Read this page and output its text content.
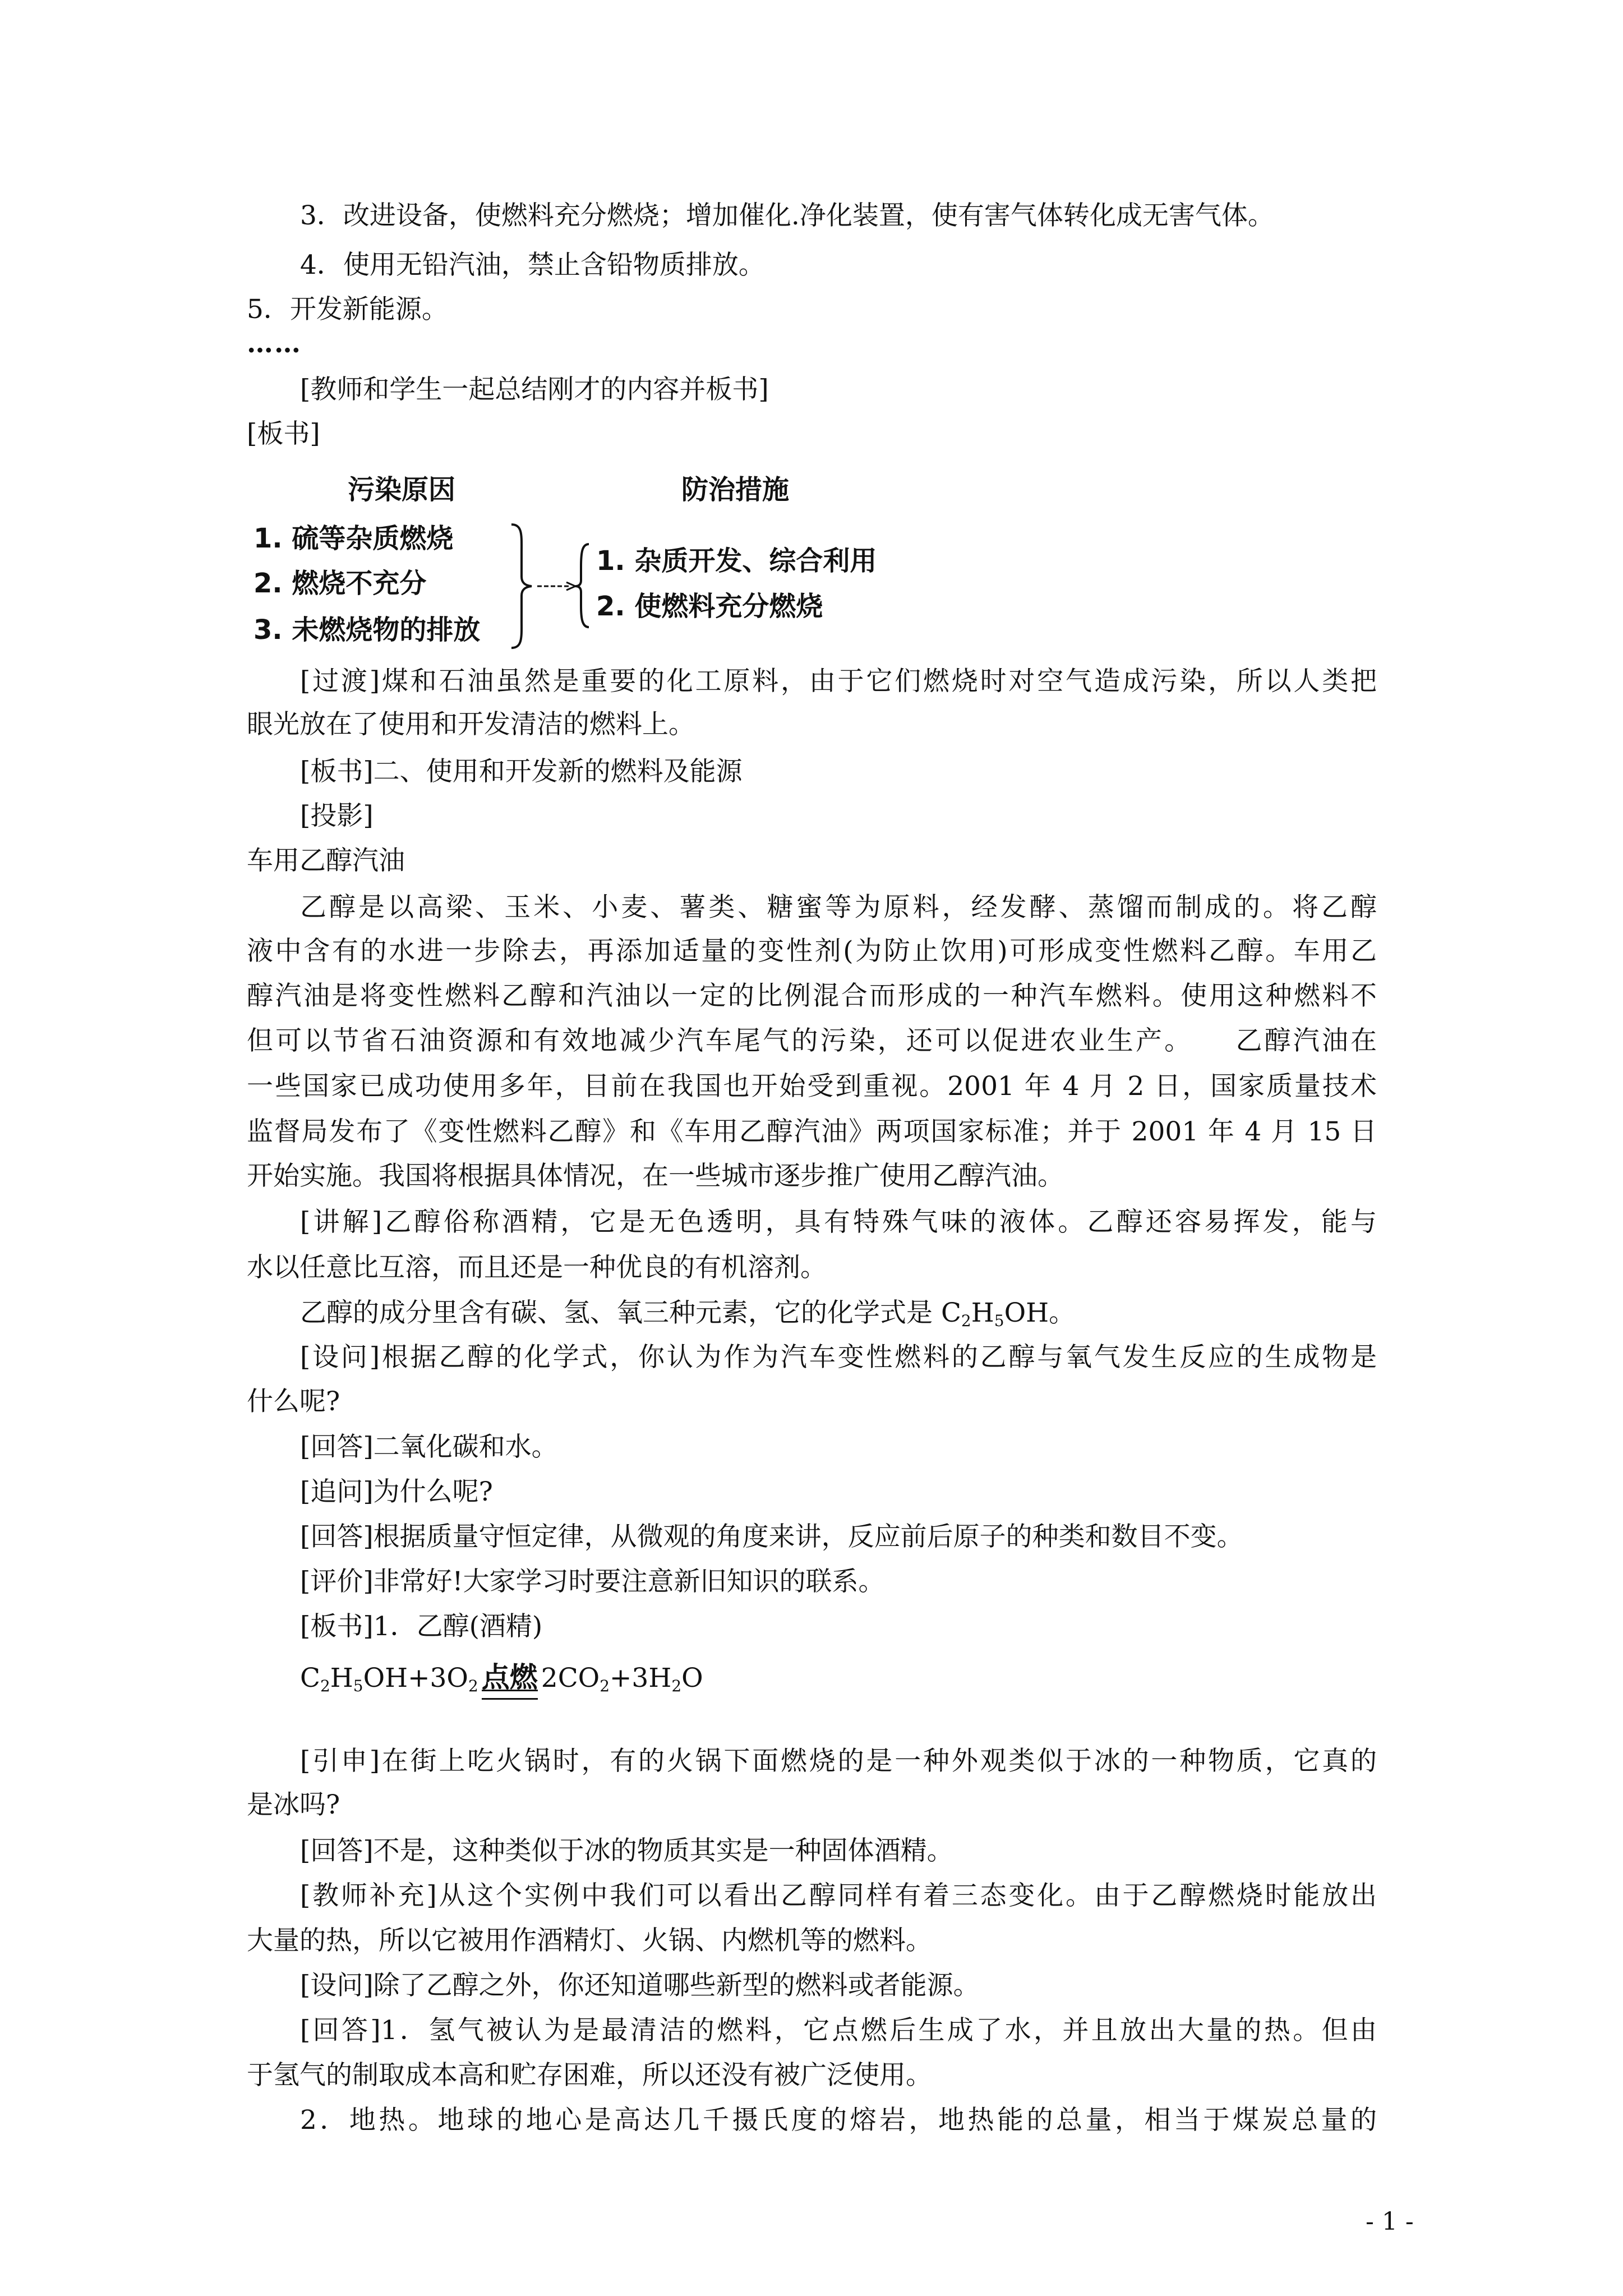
3．改进设备，使燃料充分燃烧；增加催化.净化装置，使有害气体转化成无害气体。
4．使用无铅汽油，禁止含铅物质排放。
5．开发新能源。
……
[教师和学生一起总结刚才的内容并板书]
[板书]
污染原因	防治措施
1. 硫等杂质燃烧
2. 燃烧不充分
3. 未燃烧物的排放
1. 杂质开发、综合利用
2. 使燃料充分燃烧
[过渡]煤和石油虽然是重要的化工原料，由于它们燃烧时对空气造成污染，所以人类把
眼光放在了使用和开发清洁的燃料上。
[板书]二、使用和开发新的燃料及能源
[投影]
车用乙醇汽油
乙醇是以高梁、玉米、小麦、薯类、糖蜜等为原料，经发酵、蒸馏而制成的。将乙醇
液中含有的水进一步除去，再添加适量的变性剂(为防止饮用)可形成变性燃料乙醇。车用乙
醇汽油是将变性燃料乙醇和汽油以一定的比例混合而形成的一种汽车燃料。使用这种燃料不
但可以节省石油资源和有效地减少汽车尾气的污染，还可以促进农业生产。    乙醇汽油在
一些国家已成功使用多年，目前在我国也开始受到重视。2001 年 4 月 2 日，国家质量技术
监督局发布了《变性燃料乙醇》和《车用乙醇汽油》两项国家标准；并于 2001 年 4 月 15 日
开始实施。我国将根据具体情况，在一些城市逐步推广使用乙醇汽油。
[讲解]乙醇俗称酒精，它是无色透明，具有特殊气味的液体。乙醇还容易挥发，能与
水以任意比互溶，而且还是一种优良的有机溶剂。
乙醇的成分里含有碳、氢、氧三种元素，它的化学式是 $C_2H_5OH$。
[设问]根据乙醇的化学式，你认为作为汽车变性燃料的乙醇与氧气发生反应的生成物是
什么呢?
[回答]二氧化碳和水。
[追问]为什么呢?
[回答]根据质量守恒定律，从微观的角度来讲，反应前后原子的种类和数目不变。
[评价]非常好!大家学习时要注意新旧知识的联系。
[板书]1．乙醇(酒精)
$C_2H_5OH+3O_2$ 点燃 $2CO_2+3H_2O$
[引申]在街上吃火锅时，有的火锅下面燃烧的是一种外观类似于冰的一种物质，它真的
是冰吗?
[回答]不是，这种类似于冰的物质其实是一种固体酒精。
[教师补充]从这个实例中我们可以看出乙醇同样有着三态变化。由于乙醇燃烧时能放出
大量的热，所以它被用作酒精灯、火锅、内燃机等的燃料。
[设问]除了乙醇之外，你还知道哪些新型的燃料或者能源。
[回答]1．氢气被认为是最清洁的燃料，它点燃后生成了水，并且放出大量的热。但由
于氢气的制取成本高和贮存困难，所以还没有被广泛使用。
2．地热。地球的地心是高达几千摄氏度的熔岩，地热能的总量，相当于煤炭总量的
- 1 -
